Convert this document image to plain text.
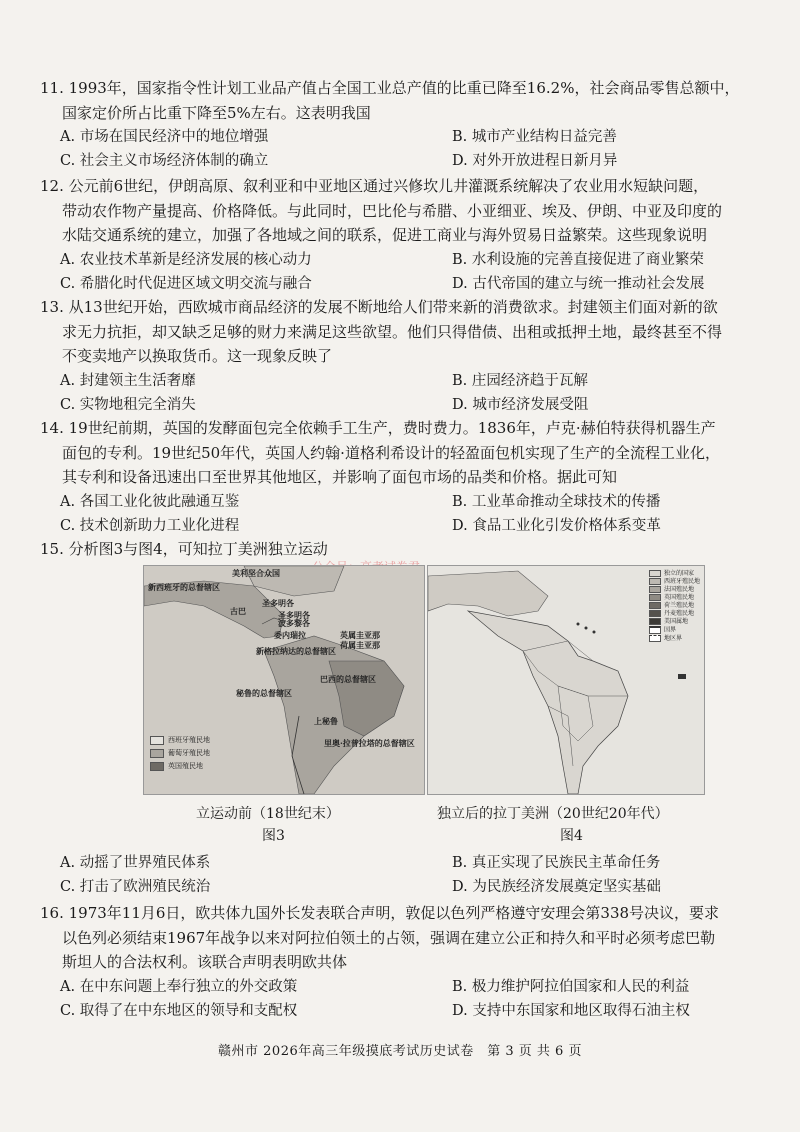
11. 1993年，国家指令性计划工业品产值占全国工业总产值的比重已降至16.2%，社会商品零售总额中，

国家定价所占比重下降至5%左右。这表明我国

A. 市场在国民经济中的地位增强	B. 城市产业结构日益完善
C. 社会主义市场经济体制的确立	D. 对外开放进程日新月异

12. 公元前6世纪，伊朗高原、叙利亚和中亚地区通过兴修坎儿井灌溉系统解决了农业用水短缺问题，

带动农作物产量提高、价格降低。与此同时，巴比伦与希腊、小亚细亚、埃及、伊朗、中亚及印度的

水陆交通系统的建立，加强了各地域之间的联系，促进工商业与海外贸易日益繁荣。这些现象说明

A. 农业技术革新是经济发展的核心动力	B. 水利设施的完善直接促进了商业繁荣
C. 希腊化时代促进区域文明交流与融合	D. 古代帝国的建立与统一推动社会发展

13. 从13世纪开始，西欧城市商品经济的发展不断地给人们带来新的消费欲求。封建领主们面对新的欲

求无力抗拒，却又缺乏足够的财力来满足这些欲望。他们只得借债、出租或抵押土地，最终甚至不得

不变卖地产以换取货币。这一现象反映了

A. 封建领主生活奢靡	B. 庄园经济趋于瓦解
C. 实物地租完全消失	D. 城市经济发展受阻

14. 19世纪前期，英国的发酵面包完全依赖手工生产，费时费力。1836年，卢克·赫伯特获得机器生产

面包的专利。19世纪50年代，英国人约翰·道格利希设计的轻盈面包机实现了生产的全流程工业化，

其专利和设备迅速出口至世界其他地区，并影响了面包市场的品类和价格。据此可知

A. 各国工业化彼此融通互鉴	B. 工业革命推动全球技术的传播
C. 技术创新助力工业化进程	D. 食品工业化引发价格体系变革

15. 分析图3与图4，可知拉丁美洲独立运动

美利坚合众国
新西班牙的总督辖区
古巴
圣多明各
圣多明各
波多黎各
委内瑞拉	英属圭亚那
荷属圭亚那
新格拉纳达的总督辖区
巴西的总督辖区
秘鲁的总督辖区
上秘鲁
里奥·拉普拉塔的总督辖区
西班牙殖民地
葡萄牙殖民地
英国殖民地
独立的国家
西班牙殖民地
法国殖民地
英国殖民地
荷兰殖民地
丹麦殖民地
美国属地
国界
地区界
立运动前（18世纪末）	独立后的拉丁美洲（20世纪20年代）
图3	图4
A. 动摇了世界殖民体系	B. 真正实现了民族民主革命任务
C. 打击了欧洲殖民统治	D. 为民族经济发展奠定坚实基础

16. 1973年11月6日，欧共体九国外长发表联合声明，敦促以色列严格遵守安理会第338号决议，要求

以色列必须结束1967年战争以来对阿拉伯领土的占领，强调在建立公正和持久和平时必须考虑巴勒

斯坦人的合法权利。该联合声明表明欧共体

A. 在中东问题上奉行独立的外交政策	B. 极力维护阿拉伯国家和人民的利益
C. 取得了在中东地区的领导和支配权	D. 支持中东国家和地区取得石油主权
赣州市 2026年高三年级摸底考试历史试卷　第 3 页 共 6 页
